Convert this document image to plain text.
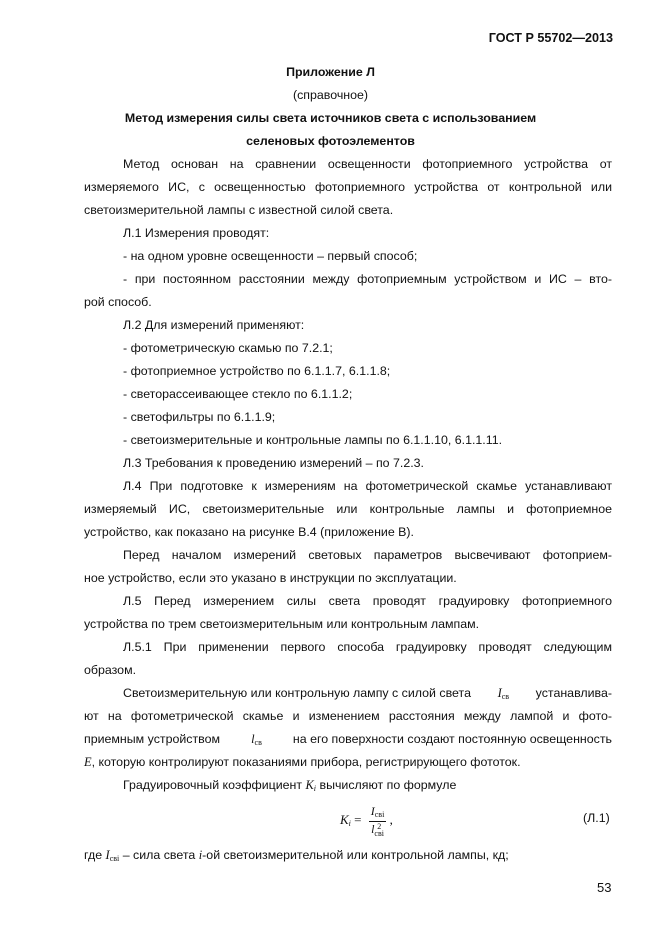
ГОСТ Р 55702—2013
Приложение Л
(справочное)
Метод измерения силы света источников света с использованием
селеновых фотоэлементов
Метод основан на сравнении освещенности фотоприемного устройства от
измеряемого ИС, с освещенностью фотоприемного устройства от контрольной или
светоизмерительной лампы с известной силой света.
Л.1 Измерения проводят:
- на одном уровне освещенности – первый способ;
- при постоянном расстоянии между фотоприемным устройством и ИС – вто-
рой способ.
Л.2 Для измерений применяют:
- фотометрическую скамью по 7.2.1;
- фотоприемное устройство по 6.1.1.7, 6.1.1.8;
- светорассеивающее стекло по 6.1.1.2;
- светофильтры по 6.1.1.9;
- светоизмерительные и контрольные лампы по 6.1.1.10, 6.1.1.11.
Л.3 Требования к проведению измерений – по 7.2.3.
Л.4 При подготовке к измерениям на фотометрической скамье устанавливают
измеряемый ИС, светоизмерительные или контрольные лампы и фотоприемное
устройство, как показано на рисунке В.4 (приложение В).
Перед началом измерений световых параметров высвечивают фотоприем-
ное устройство, если это указано в инструкции по эксплуатации.
Л.5 Перед измерением силы света проводят градуировку фотоприемного
устройства по трем светоизмерительным или контрольным лампам.
Л.5.1 При применении первого способа градуировку проводят следующим
образом.
Светоизмерительную или контрольную лампу с силой света $I_{св}$ устанавлива-
ют на фотометрической скамье и изменением расстояния между лампой и фото-
приемным устройством	$l_{св}$	на его поверхности создают постоянную освещенность
E, которую контролируют показаниями прибора, регистрирующего фототок.
Градуировочный коэффициент $K_i$ вычисляют по формуле
$K_i = I_{свi}$
l 2
свi ,	(Л.1)
где $I_{свi}$ – сила света i-ой светоизмерительной или контрольной лампы, кд;
53
